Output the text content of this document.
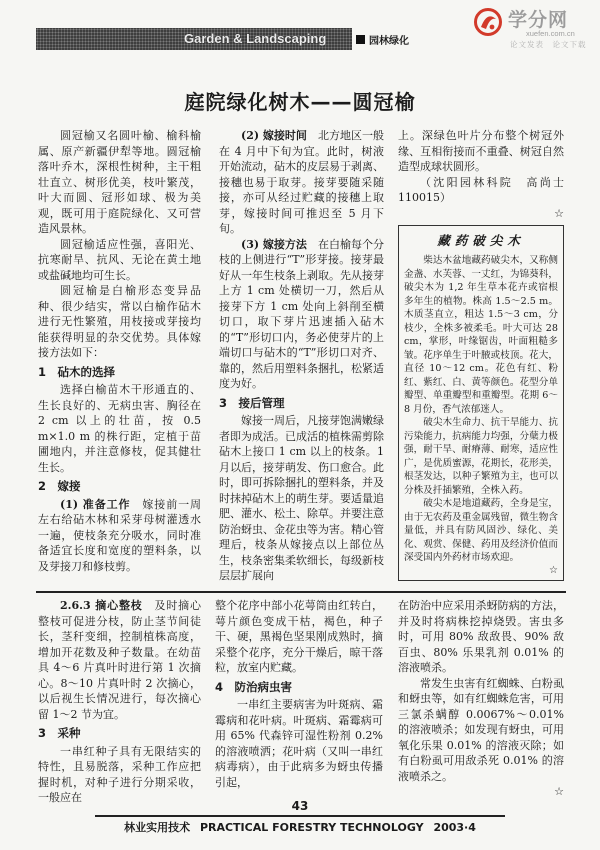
学分网
xuefen.com.cn
论文发表　论文下载
Garden & Landscaping	园林绿化
庭院绿化树木——圆冠榆

圆冠榆又名圆叶榆、榆科榆属、原产新疆伊犁等地。圆冠榆落叶乔木，深根性树种，主干粗壮直立、树形优美，枝叶繁茂，叶大而圆、冠形如球、极为美观，既可用于庭院绿化、又可营造风景林。

圆冠榆适应性强，喜阳光、抗寒耐旱、抗风、无论在黄土地或盐碱地均可生长。

圆冠榆是白榆形态变异品种、很少结实，常以白榆作砧木进行无性繁殖，用枝接或芽接均能获得明显的杂交优势。具体嫁接方法如下：

1　砧木的选择

选择白榆苗木干形通直的、生长良好的、无病虫害、胸径在 2 cm 以上的壮苗，按 0.5 m×1.0 m 的株行距，定植于苗圃地内，并注意修枝，促其健壮生长。

2　嫁接

(1) 准备工作　 嫁接前一周左右给砧木林和采芽母树灌透水一遍，使枝条充分吸水，同时准备适宜长度和宽度的塑料条，以及芽接刀和修枝剪。

(2) 嫁接时间　 北方地区一般在 4 月中下旬为宜。此时，树液开始流动，砧木的皮层易于剥离、接穗也易于取芽。接芽要随采随接，亦可从经过贮藏的接穗上取芽，嫁接时间可推迟至 5 月下旬。

(3) 嫁接方法　 在白榆每个分枝的上侧进行“T”形芽接。接芽最好从一年生枝条上剥取。先从接芽上方 1 cm 处横切一刀，然后从接芽下方 1 cm 处向上斜削至横切口，取下芽片迅速插入砧木的“T”形切口内，务必使芽片的上端切口与砧木的“T”形切口对齐、靠的，然后用塑料条捆扎，松紧适度为好。

3　接后管理

嫁接一周后，凡接芽饱满嫩绿者即为成活。已成活的植株需剪除砧木上接口 1 cm 以上的枝条。1 月以后，接芽萌发、伤口愈合。此时，即可拆除捆扎的塑料条，并及时抹掉砧木上的萌生芽。要适量追肥、灌水、松土、除草。并要注意防治蚜虫、金花虫等为害。精心管理后，枝条从嫁接点以上部位丛生，枝条密集柔软细长，每级新枝层层扩展向

上。深绿色叶片分布整个树冠外缘、互相衔接而不重叠、树冠自然造型成球状圆形。

（沈阳园林科院　高尚士　110015）

☆
藏药破尖木

柴达木盆地藏药破尖木，又称侧金盏、水芙蓉、一丈红，为锦葵科，破尖木为 1,2 年生草本花卉或宿根多年生的植物。株高 1.5～2.5 m。木质茎直立，粗达 1.5～3 cm，分枝少，全株多被柔毛。叶大可达 28 cm，掌形，叶缘锯齿，叶面粗糙多皱。花序单生于叶腋或枝顶。花大，直径 10～12 cm。花色有红、粉红、紫红、白、黄等颜色。花型分单瓣型、单重瓣型和重瓣型。花期 6～8 月份，香气浓郁迷人。

破尖木生命力、抗干旱能力、抗污染能力，抗病能力均强，分蘖力极强，耐干旱、耐瘠薄、耐寒，适应性广，是优质蜜源，花期长，花形美，根茎发达，以种子繁殖为主，也可以分株及扦插繁殖，全株入药。

破尖木是地道藏药，全身是宝，由于无农药及重金属残留，微生物含量低，并具有防风固沙、绿化、美化、观赏、保健、药用及经济价值而深受国内外药材市场欢迎。

☆

2.6.3 摘心整枝　 及时摘心整枝可促进分枝，防止茎节间徒长，茎秆变细，控制植株高度，增加开花数及种子数量。在幼苗具 4～6 片真叶时进行第 1 次摘心。8～10 片真叶时 2 次摘心，以后视生长情况进行，每次摘心留 1～2 节为宜。

3　采种

一串红种子具有无限结实的特性，且易脱落，采种工作应把握时机，对种子进行分期采收，一般应在

整个花序中部小花萼筒由红转白，萼片颜色变成干枯，褐色，种子干、硬，黑褐色坚果刚成熟时，摘采整个花序，充分干燥后，晾干落粒，放室内贮藏。

4　防治病虫害

一串红主要病害为叶斑病、霜霉病和花叶病。叶斑病、霜霉病可用 65% 代森锌可湿性粉剂 0.2% 的溶液喷洒；花叶病（又叫一串红病毒病），由于此病多为蚜虫传播引起，

在防治中应采用杀蚜防病的方法，并及时将病株挖掉烧毁。害虫多时，可用 80% 敌敌畏、90% 敌百虫、80% 乐果乳剂 0.01% 的溶液喷杀。

常发生虫害有红蜘蛛、白粉虱和蚜虫等，如有红蜘蛛危害，可用三氯杀螨醇 0.0067%～0.01% 的溶液喷杀；如发现有蚜虫，可用氧化乐果 0.01% 的溶液灭除；如有白粉虱可用敌杀死 0.01% 的溶液喷杀之。

☆
43
林业实用技术 PRACTICAL FORESTRY TECHNOLOGY 2003·4
